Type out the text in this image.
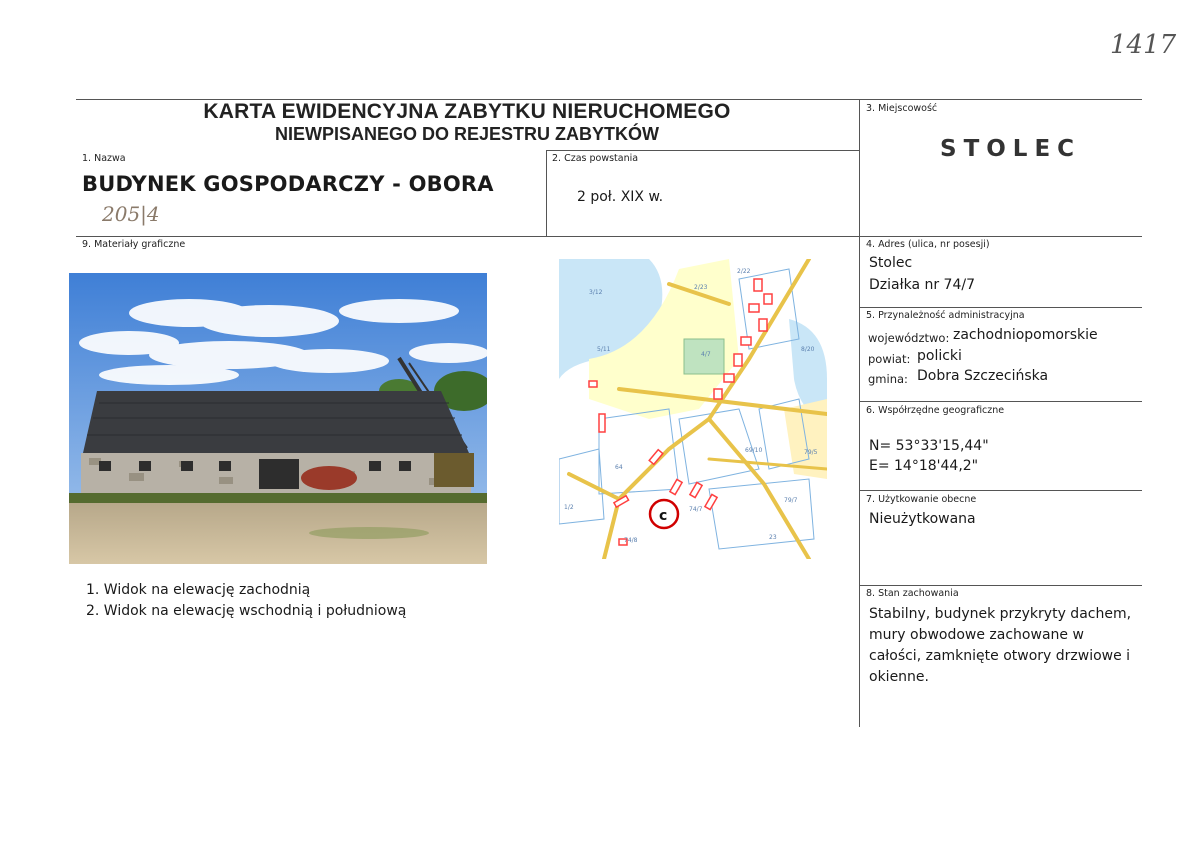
1417
KARTA EWIDENCYJNA ZABYTKU NIERUCHOMEGO
NIEWPISANEGO DO REJESTRU ZABYTKÓW
1. Nazwa
BUDYNEK GOSPODARCZY - OBORA
205|4
2. Czas powstania
2 poł. XIX w.
3. Miejscowość
STOLEC
4. Adres (ulica, nr posesji)
Stolec
Działka nr 74/7
5. Przynależność administracyjna
województwo: zachodniopomorskie
powiat: policki
gmina: Dobra Szczecińska
6. Współrzędne geograficzne
N= 53°33'15,44"
E= 14°18'44,2"
7. Użytkowanie obecne
Nieużytkowana
8. Stan zachowania
Stabilny, budynek przykryty dachem,
mury obwodowe zachowane w
całości, zamknięte otwory drzwiowe i
okienne.
9. Materiały graficzne
c
2/22
2/23
8/20
4/7
3/12
5/11
64
69/10	79/5
79/7
74/7
74/8	23
1/2
1. Widok na elewację zachodnią
2. Widok na elewację wschodnią i południową
